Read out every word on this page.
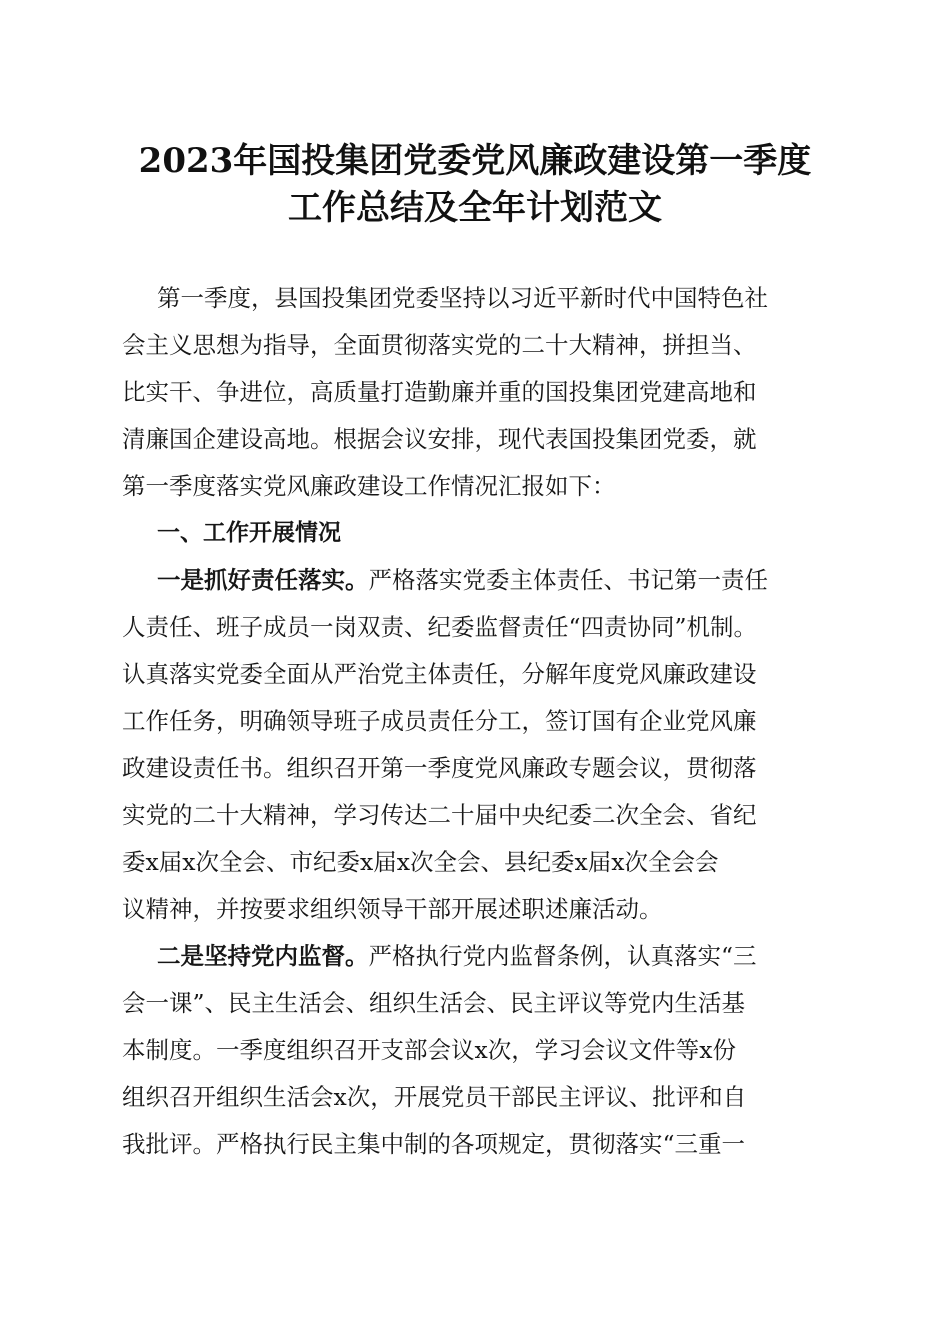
2023年国投集团党委党风廉政建设第一季度
工作总结及全年计划范文
第一季度，县国投集团党委坚持以习近平新时代中国特色社
会主义思想为指导，全面贯彻落实党的二十大精神，拼担当、
比实干、争进位，高质量打造勤廉并重的国投集团党建高地和
清廉国企建设高地。根据会议安排，现代表国投集团党委，就
第一季度落实党风廉政建设工作情况汇报如下：
一、工作开展情况
一是抓好责任落实。严格落实党委主体责任、书记第一责任
人责任、班子成员一岗双责、纪委监督责任“四责协同”机制。
认真落实党委全面从严治党主体责任，分解年度党风廉政建设
工作任务，明确领导班子成员责任分工，签订国有企业党风廉
政建设责任书。组织召开第一季度党风廉政专题会议，贯彻落
实党的二十大精神，学习传达二十届中央纪委二次全会、省纪
委x届x次全会、市纪委x届x次全会、县纪委x届x次全会会
议精神，并按要求组织领导干部开展述职述廉活动。
二是坚持党内监督。严格执行党内监督条例，认真落实“三
会一课”、民主生活会、组织生活会、民主评议等党内生活基
本制度。一季度组织召开支部会议x次，学习会议文件等x份
组织召开组织生活会x次，开展党员干部民主评议、批评和自
我批评。严格执行民主集中制的各项规定，贯彻落实“三重一
